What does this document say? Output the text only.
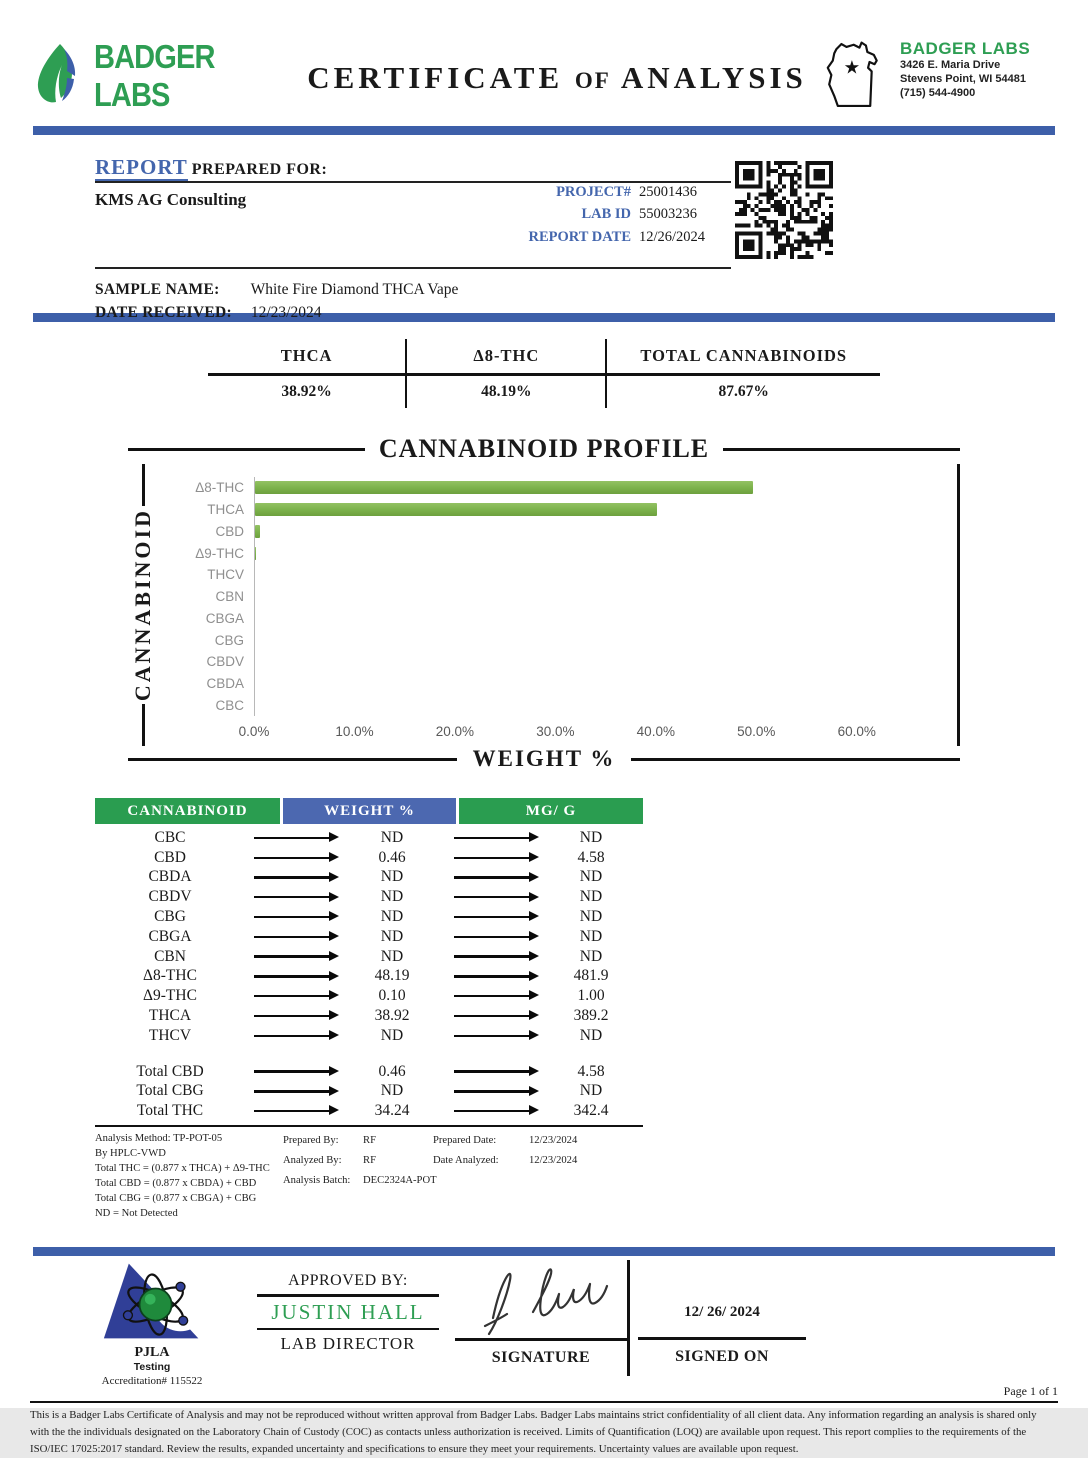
BADGER LABS	CERTIFICATE OF ANALYSIS	★
BADGER LABS
3426 E. Maria Drive
Stevens Point, WI 54481
(715) 544-4900
REPORT PREPARED FOR:
KMS AG Consulting	PROJECT# 25001436
LAB ID 55003236
REPORT DATE 12/26/2024
SAMPLE NAME: White Fire Diamond THCA Vape
DATE RECEIVED: 12/23/2024
THCA	Δ8-THC	TOTAL CANNABINOIDS
38.92%	48.19%	87.67%
CANNABINOID PROFILE
CANNABINOID
Δ8-THC
THCA
CBD
Δ9-THC
THCV
CBN
CBGA
CBG
CBDV
CBDA
CBC
0.0%	10.0%	20.0%	30.0%	40.0%	50.0%	60.0%
WEIGHT %
CANNABINOID	WEIGHT %	MG/ G
CBC	ND	ND
CBD	0.46	4.58
CBDA	ND	ND
CBDV	ND	ND
CBG	ND	ND
CBGA	ND	ND
CBN	ND	ND
Δ8-THC	48.19	481.9
Δ9-THC	0.10	1.00
THCA	38.92	389.2
THCV	ND	ND
Total CBD	0.46	4.58
Total CBG	ND	ND
Total THC	34.24	342.4
Analysis Method: TP-POT-05
By HPLC-VWD
Total THC = (0.877 x THCA) + Δ9-THC
Total CBD = (0.877 x CBDA) + CBD
Total CBG = (0.877 x CBGA) + CBG
ND = Not Detected
Prepared By:	RF	Prepared Date:	12/23/2024
Analyzed By:	RF	Date Analyzed:	12/23/2024
Analysis Batch:	DEC2324A-POT
PJLA
Testing
Accreditation# 115522
APPROVED BY:
JUSTIN HALL
LAB DIRECTOR
SIGNATURE
12/ 26/ 2024
SIGNED ON
Page 1 of 1
This is a Badger Labs Certificate of Analysis and may not be reproduced without written approval from Badger Labs. Badger Labs maintains strict confidentiality of all client data. Any information regarding an analysis is shared only with the the individuals designated on the Laboratory Chain of Custody (COC) as contacts unless authorization is received. Limits of Quantification (LOQ) are available upon request. This report complies to the requirements of the ISO/IEC 17025:2017 standard. Review the results, expanded uncertainty and specifications to ensure they meet your requirements. Uncertainty values are available upon request.
